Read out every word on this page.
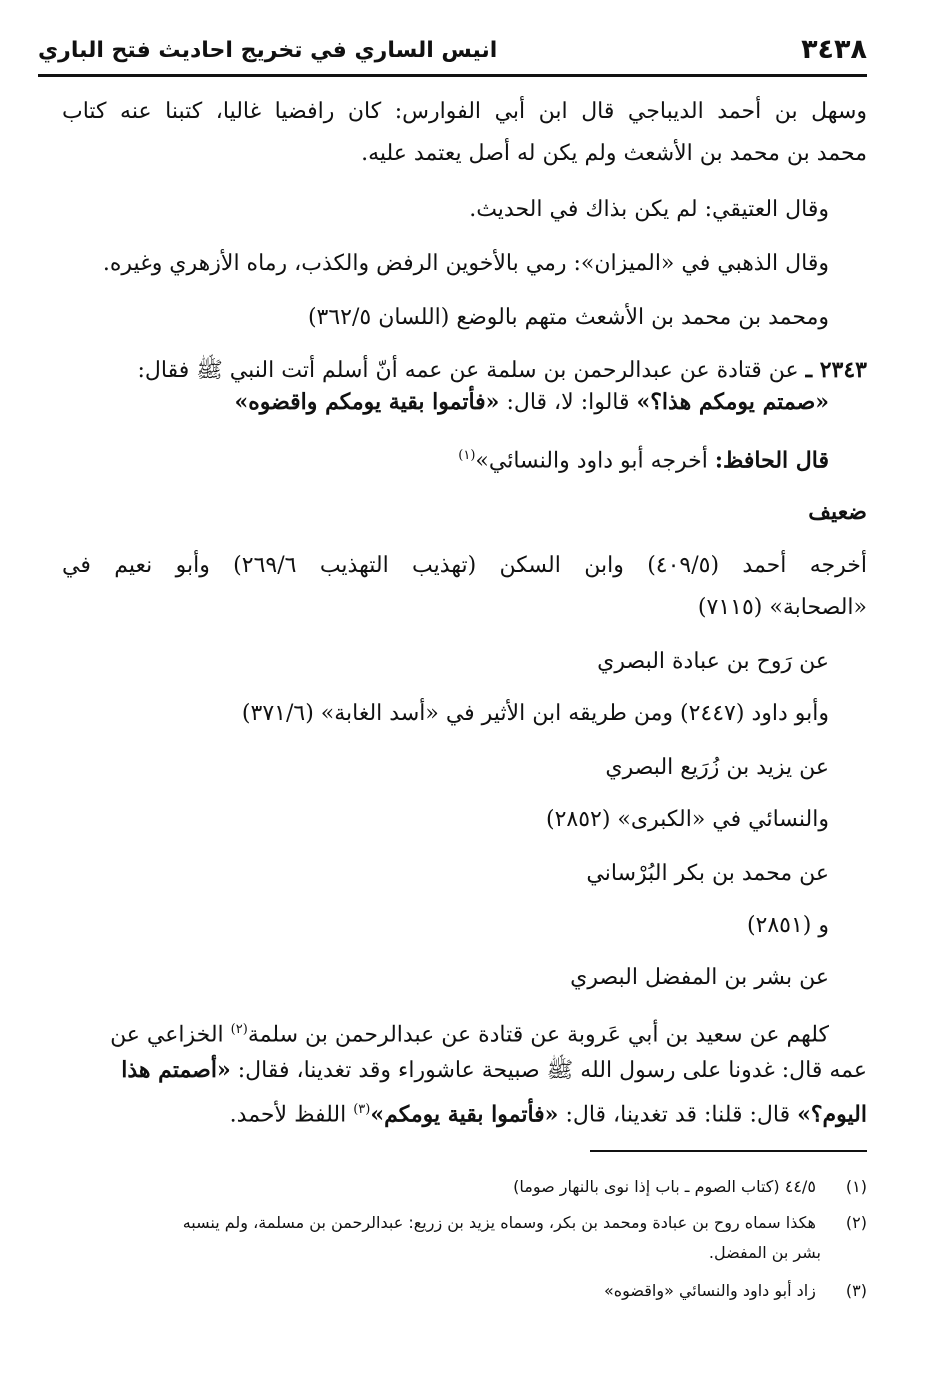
٣٤٣٨
انيس الساري في تخريج احاديث فتح الباري
وسهل بن أحمد الديباجي قال ابن أبي الفوارس: كان رافضيا غاليا، كتبنا عنه كتاب
محمد بن محمد بن الأشعث ولم يكن له أصل يعتمد عليه.
وقال العتيقي: لم يكن بذاك في الحديث.
وقال الذهبي في «الميزان»: رمي بالأخوين الرفض والكذب، رماه الأزهري وغيره.
ومحمد بن محمد بن الأشعث متهم بالوضع (اللسان ٣٦٢/٥)
٢٣٤٣ ـ عن قتادة عن عبدالرحمن بن سلمة عن عمه أنّ أسلم أتت النبي ﷺ فقال:
«صمتم يومكم هذا؟» قالوا: لا، قال: «فأتموا بقية يومكم واقضوه»
قال الحافظ: أخرجه أبو داود والنسائي»$^{(١)}$
ضعيف
أخرجه أحمد (٤٠٩/٥) وابن السكن (تهذيب التهذيب ٢٦٩/٦) وأبو نعيم في
«الصحابة» (٧١١٥)
عن رَوح بن عبادة البصري
وأبو داود (٢٤٤٧) ومن طريقه ابن الأثير في «أسد الغابة» (٣٧١/٦)
عن يزيد بن زُرَيع البصري
والنسائي في «الكبرى» (٢٨٥٢)
عن محمد بن بكر البُرْساني
و (٢٨٥١)
عن بشر بن المفضل البصري
كلهم عن سعيد بن أبي عَروبة عن قتادة عن عبدالرحمن بن سلمة$^{(٢)}$ الخزاعي عن
عمه قال: غدونا على رسول الله ﷺ صبيحة عاشوراء وقد تغدينا، فقال: «أصمتم هذا
اليوم؟» قال: قلنا: قد تغدينا، قال: «فأتموا بقية يومكم»$^{(٣)}$ اللفظ لأحمد.
(١) ٤٤/٥ (كتاب الصوم ـ باب إذا نوى بالنهار صوما)
(٢) هكذا سماه روح بن عبادة ومحمد بن بكر، وسماه يزيد بن زريع: عبدالرحمن بن مسلمة، ولم ينسبه
بشر بن المفضل.
(٣) زاد أبو داود والنسائي «واقضوه»
